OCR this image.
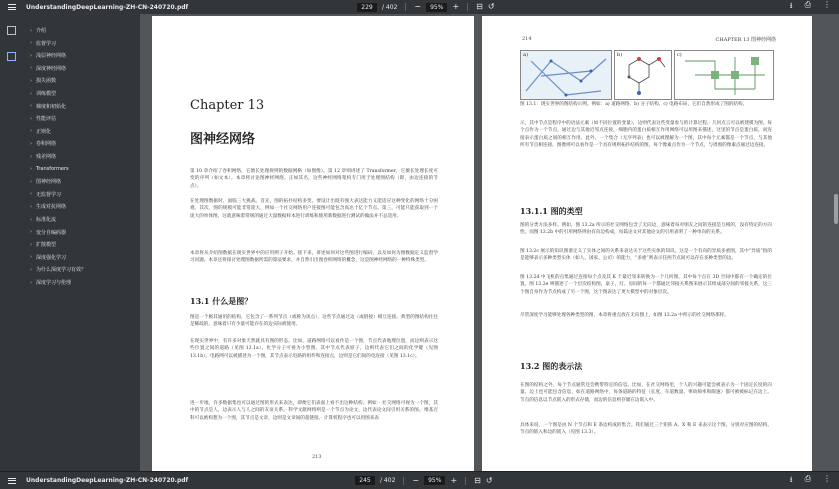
UnderstandingDeepLearning-ZH-CN-240720.pdf	229	/ 402 −	95%	+ ⊟ ↺	⭳ ⎙ ⋮
› 介绍
› 监督学习
› 浅层神经网络
› 深度神经网络
› 损失函数
› 训练模型
› 梯度和初始化
› 性能评估
› 正则化
› 卷积网络
› 残差网络
› Transformers
› 图神经网络
› 无监督学习
› 生成对抗网络
› 标准化流
› 变分自编码器
› 扩散模型
› 深度强化学习
› 为什么深度学习有效？
› 深度学习与伦理
Chapter 13
图神经网络
第 10 章介绍了卷积网络，它擅长处理规则的数据网格（如图像）。第 12 章则讲述了 Transformer，它擅长处理长度可变的序列（如文本）。本章将讨论图神经网络。正如其名，这些神经网络架构专门用于处理图结构（即，由边连接的节点）。
在处理图数据时，面临三大挑战。首先，图的拓扑结构多变，要设计出既有强大表达能力又能适应这种变化的网络十分困难。其次，图的规模可能非常庞大，例如一个社交网络用户连接图可能包含高达十亿个节点。第三，可能只能获取到一个庞大的单体图，这就意味着常规的通过大量数据样本进行训练和使用新数据进行测试的做法并不总适用。
本章将从介绍图数据在现实世界中的应用例子开始。接下来，讲述如何对这些图进行编码，以及如何为图数据定义监督学习问题。本章还将探讨处理图数据所需的算法要求，并自然引出图卷积网络的概念，这是图神经网络的一种特殊类型。
13.1 什么是图？
图是一个极其通用的结构，它包含了一系列节点（或称为顶点），这些节点通过边（或链接）相互连接。典型的图结构往往是稀疏的，意味着只有少量可能存在的边实际被使用。
在现实世界中，有许多对象天然就具有图的形态。比如，道路网络可以看作是一个图，节点代表地理位置，而边则表示这些位置之间的道路（见图 13.1a）。化学分子可视为小型图，其中节点代表原子，边则代表它们之间的化学键（见图 13.1b）。电路网可以被描述为一个图，其节点表示电路的组件和连接点，边则是它们间的电连接（见图 13.1c）。
进一步地，许多数据集也可以通过图的形式来表达，即便它们表面上看不出这种结构。例如：· 社交网络可视为一个图，其中的节点是人，边表示人与人之间的友谊关系。· 科学文献网络则是一个节点为论文，边代表论文间引用关系的图。· 维基百科可以被构想为一个图，其节点是文章，边则是文章间的超链接。· 计算机程序也可以用图来表
213
214	CHAPTER 13 图神经网络
a)	b)	c)
图 13.1：现实世界的图结构示例。例如：a) 道路网络、b) 分子结构、c) 电路布局，它们自然形成了图的结构。
示，其中节点是程序中的语法元素（如不同位置的变量），边则代表这些变量参与的计算过程。· 几何点云可以被建模为图，每个点作为一个节点，通过边与其他近邻点连接。· 细胞内的蛋白质相互作用网络可以用图来描述，这里的节点是蛋白质，而连接表示蛋白质之间的相互作用。此外，一个集合（无序列表）也可以被理解为一个图，其中每个元素都是一个节点，与其他所有节点相连接。图像则可以看作是一个具有规则拓扑结构的图，每个像素点作为一个节点，与周围的像素点通过边连接。
13.1.1 图的类型
图的分类方法多样。例如，图 13.2a 所示的社交网络包含了无向边，意味着每对朋友之间的连接是互相的，没有特定的方向性。而图 13.2b 中的引用网络则由有向边构成，每篇论文对其他论文的引用表明了一种单向的关系。
图 13.2c 展示的知识图谱定义了实体之间的关系来表达关于这些实体的知识。这是一个有向的异质多重图，其中“异质”指的是能够表示多种类型实体（如人、国家、公司）的能力，“多重”则表示任两节点间可以存在多种类型的边。
图 13.2d 中飞机的点集通过连接每个点及其 K 个最近邻来转换为一个几何图，其中每个点在 3D 空间中都有一个确定的位置。图 13.2e 则描述了一个层次结构图，桌子、灯、房间的每一个都通过邻接关系图来展示其组成部分间的邻接关系，这三个图自身作为节点构成了另一个图，这个图表达了更大模型中的对象层次。
尽管深度学习能够处理各种类型的图，本章将重点放在无向图上，如图 13.2a 中所示的社交网络那样。
13.2 图的表示法
在图的结构之外，每个节点通常还会携带特定的信息。比如，在社交网络里，个人的兴趣可能会被表示为一个固定长度的向量。边上也可能包含信息，如在道路网络中，每条道路的特征（长度、车道数量、事故频率和限速）都可被被标记在边上。节点的信息以节点嵌入的形式存储，而边的信息则存储在边嵌入中。
具体来说，一个图是由 N 个节点和 E 条边构成的集合。我们通过三个矩阵 A、X 和 E 来表示这个图，分别对应图的结构、节点的嵌入和边的嵌入（见图 13.3）。
UnderstandingDeepLearning-ZH-CN-240720.pdf	245	/ 402 −	95%	+ ⊟ ↺	⭳ ⎙ ⋮
